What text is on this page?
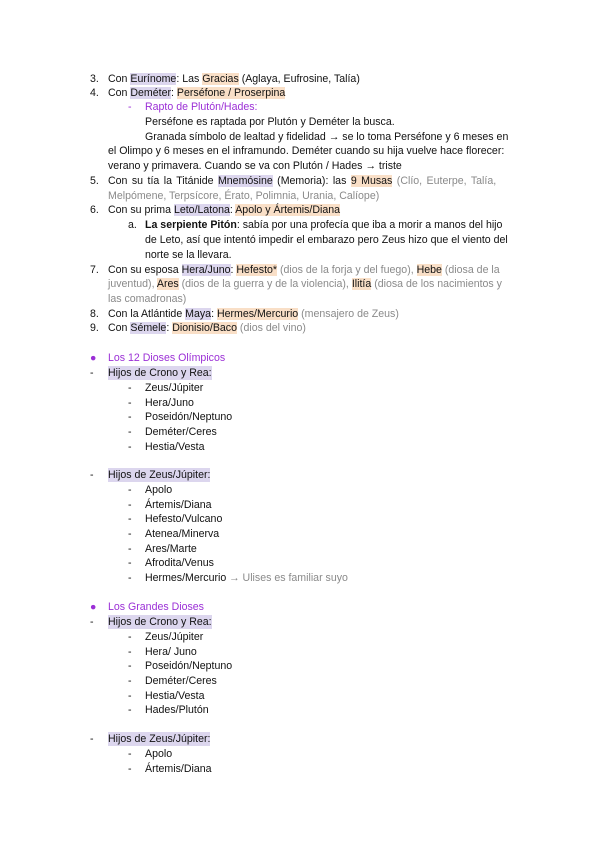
3. Con Eurínome: Las Gracias (Aglaya, Eufrosine, Talía)
4. Con Deméter: Perséfone / Proserpina
- Rapto de Plutón/Hades:
Perséfone es raptada por Plutón y Deméter la busca.
Granada símbolo de lealtad y fidelidad → se lo toma Perséfone y 6 meses en
el Olimpo y 6 meses en el inframundo. Deméter cuando su hija vuelve hace florecer:
verano y primavera. Cuando se va con Plutón / Hades → triste
5. Con su tía la Titánide Mnemósine (Memoria): las 9 Musas (Clío, Euterpe, Talía,
Melpómene, Terpsícore, Érato, Polimnia, Urania, Calíope)
6. Con su prima Leto/Latona: Apolo y Ártemis/Diana
a. La serpiente Pitón: sabía por una profecía que iba a morir a manos del hijo
de Leto, así que intentó impedir el embarazo pero Zeus hizo que el viento del
norte se la llevara.
7. Con su esposa Hera/Juno: Hefesto* (dios de la forja y del fuego), Hebe (diosa de la
juventud), Ares (dios de la guerra y de la violencia), Ilitía (diosa de los nacimientos y
las comadronas)
8. Con la Atlántide Maya: Hermes/Mercurio (mensajero de Zeus)
9. Con Sémele: Dionisio/Baco (dios del vino)
● Los 12 Dioses Olímpicos
- Hijos de Crono y Rea:
- Zeus/Júpiter
- Hera/Juno
- Poseidón/Neptuno
- Deméter/Ceres
- Hestia/Vesta
- Hijos de Zeus/Júpiter:
- Apolo
- Ártemis/Diana
- Hefesto/Vulcano
- Atenea/Minerva
- Ares/Marte
- Afrodita/Venus
- Hermes/Mercurio → Ulises es familiar suyo
● Los Grandes Dioses
- Hijos de Crono y Rea:
- Zeus/Júpiter
- Hera/ Juno
- Poseidón/Neptuno
- Deméter/Ceres
- Hestia/Vesta
- Hades/Plutón
- Hijos de Zeus/Júpiter:
- Apolo
- Ártemis/Diana
